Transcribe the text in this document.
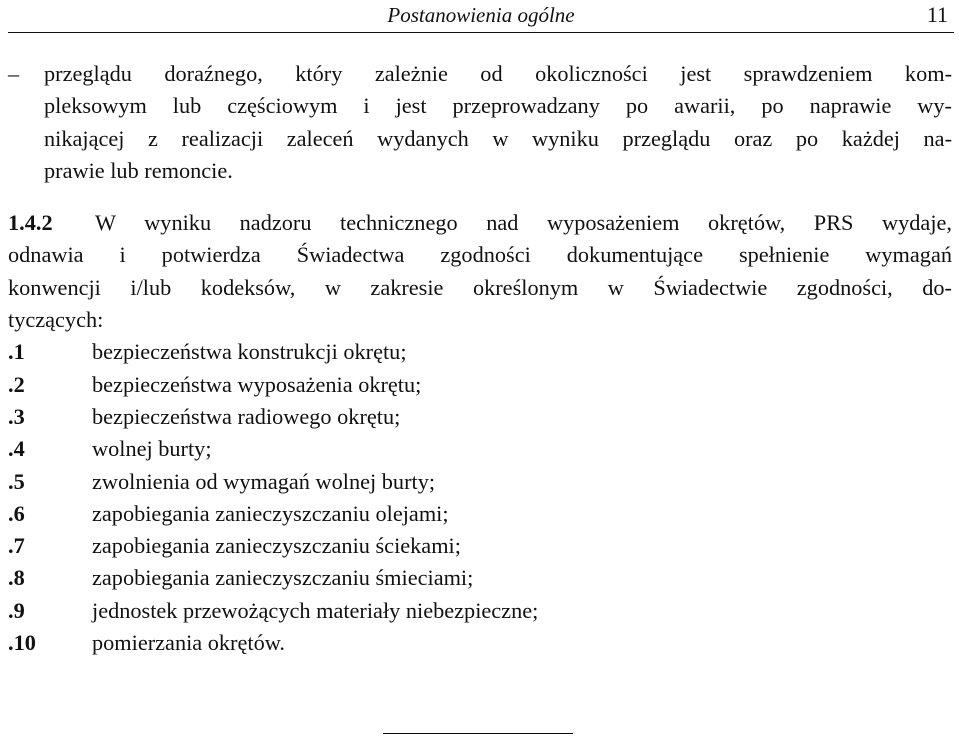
Postanowienia ogólne	11
– przeglądu doraźnego, który zależnie od okoliczności jest sprawdzeniem kom-
pleksowym lub częściowym i jest przeprowadzany po awarii, po naprawie wy-
nikającej z realizacji zaleceń wydanych w wyniku przeglądu oraz po każdej na-
prawie lub remoncie.
1.4.2 W wyniku nadzoru technicznego nad wyposażeniem okrętów, PRS wydaje,
odnawia i potwierdza Świadectwa zgodności dokumentujące spełnienie wymagań
konwencji i/lub kodeksów, w zakresie określonym w Świadectwie zgodności, do-
tyczących:
.1	bezpieczeństwa konstrukcji okrętu;
.2	bezpieczeństwa wyposażenia okrętu;
.3	bezpieczeństwa radiowego okrętu;
.4	wolnej burty;
.5	zwolnienia od wymagań wolnej burty;
.6	zapobiegania zanieczyszczaniu olejami;
.7	zapobiegania zanieczyszczaniu ściekami;
.8	zapobiegania zanieczyszczaniu śmieciami;
.9	jednostek przewożących materiały niebezpieczne;
.10	pomierzania okrętów.
